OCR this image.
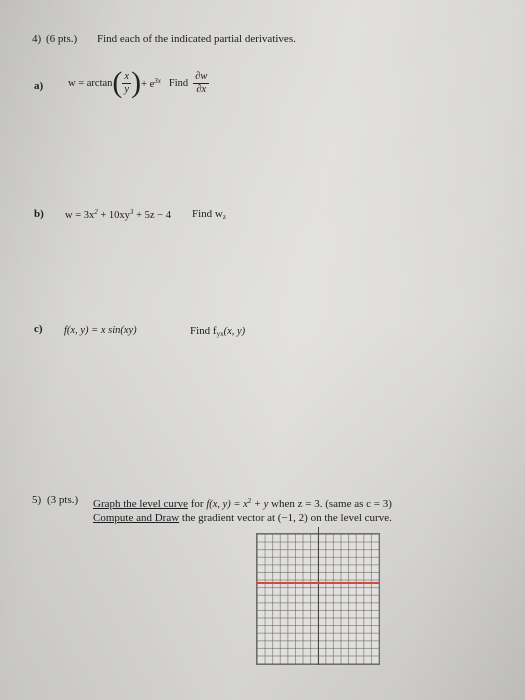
4) (6 pts.) Find each of the indicated partial derivatives.
a) w = arctan ( $\frac{x}{y}$ ) + $e^{3x}$ Find $\frac{\partial w}{\partial x}$
b) $w = 3x^2 + 10xy^3 + 5z - 4$ Find $w_z$
c) f(x, y) = x sin(xy)	Find $f_{yx}(x$, y)
5) (3 pts.) Graph the level curve for f(x, $y) = x^2 + y$ when z = 3. (same as c = 3)
Compute and Draw the gradient vector at (−1, 2) on the level curve.
